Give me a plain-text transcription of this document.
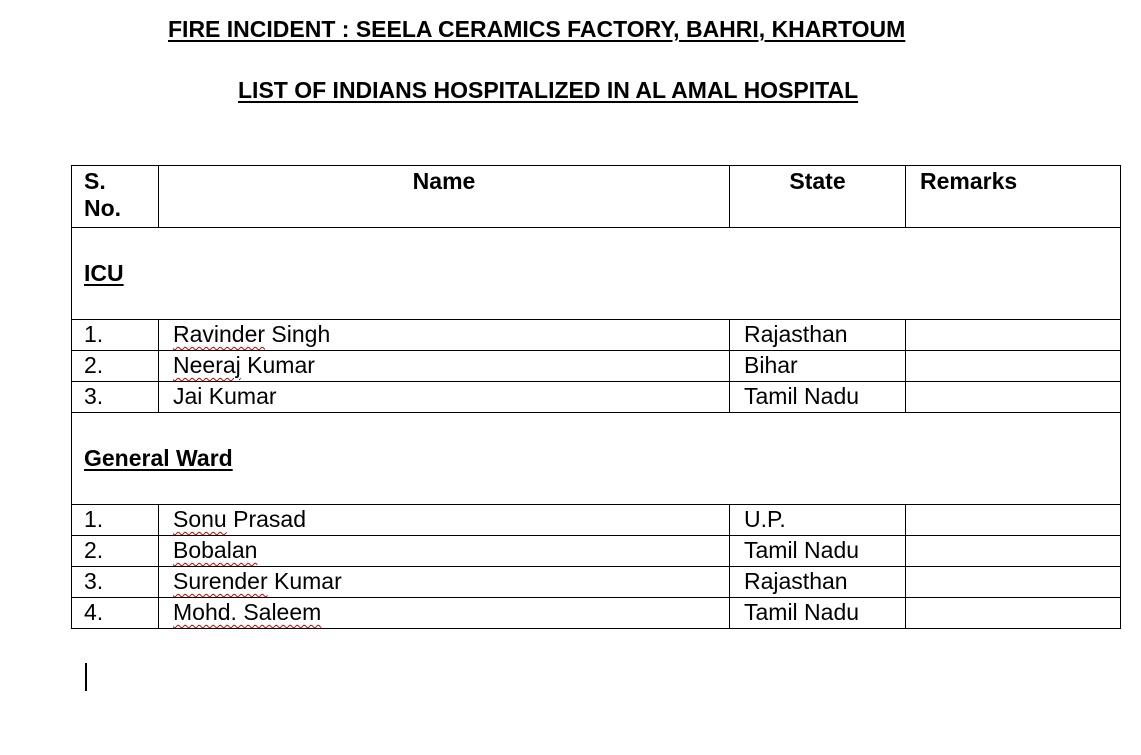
FIRE INCIDENT : SEELA CERAMICS FACTORY, BAHRI, KHARTOUM
LIST OF INDIANS HOSPITALIZED IN AL AMAL HOSPITAL
S.
No.	Name	State	Remarks
ICU			
1.	Ravinder Singh	Rajasthan	
2.	Neeraj Kumar	Bihar	
3.	Jai Kumar	Tamil Nadu	
General Ward			
1.	Sonu Prasad	U.P.	
2.	Bobalan	Tamil Nadu	
3.	Surender Kumar	Rajasthan	
4.	Mohd. Saleem	Tamil Nadu	
